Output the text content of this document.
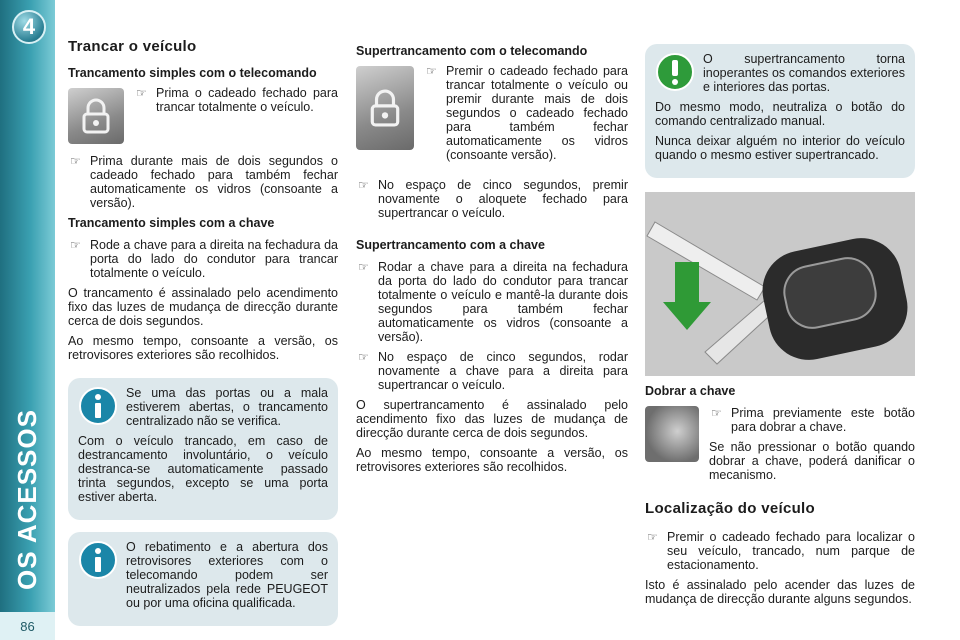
4
OS ACESSOS
86
Trancar o veículo
Trancamento simples com o telecomando
☞ Prima o cadeado fechado para trancar totalmente o veículo.
☞ Prima durante mais de dois segundos o cadeado fechado para também fechar automaticamente os vidros (consoante a versão).
Trancamento simples com a chave
☞ Rode a chave para a direita na fechadura da porta do lado do condutor para trancar totalmente o veículo.

O trancamento é assinalado pelo acendimento fixo das luzes de mudança de direcção durante cerca de dois segundos.

Ao mesmo tempo, consoante a versão, os retrovisores exteriores são recolhidos.

Se uma das portas ou a mala estiverem abertas, o trancamento centralizado não se verifica.

Com o veículo trancado, em caso de destrancamento involuntário, o veículo destranca-se automaticamente passado trinta segundos, excepto se uma porta estiver aberta.

O rebatimento e a abertura dos retrovisores exteriores com o telecomando podem ser neutralizados pela rede PEUGEOT ou por uma oficina qualificada.

Supertrancamento com o telecomando
☞ Premir o cadeado fechado para trancar totalmente o veículo ou premir durante mais de dois segundos o cadeado fechado para também fechar automaticamente os vidros (consoante versão).
☞ No espaço de cinco segundos, premir novamente o aloquete fechado para supertrancar o veículo.
Supertrancamento com a chave
☞ Rodar a chave para a direita na fechadura da porta do lado do condutor para trancar totalmente o veículo e mantê-la durante dois segundos para também fechar automaticamente os vidros (consoante a versão).
☞ No espaço de cinco segundos, rodar novamente a chave para a direita para supertrancar o veículo.

O supertrancamento é assinalado pelo acendimento fixo das luzes de mudança de direcção durante cerca de dois segundos.

Ao mesmo tempo, consoante a versão, os retrovisores exteriores são recolhidos.

O supertrancamento torna inoperantes os comandos exteriores e interiores das portas.

Do mesmo modo, neutraliza o botão do comando centralizado manual.

Nunca deixar alguém no interior do veículo quando o mesmo estiver supertrancado.

Dobrar a chave
☞ Prima previamente este botão para dobrar a chave.

Se não pressionar o botão quando dobrar a chave, poderá danificar o mecanismo.

Localização do veículo
☞ Premir o cadeado fechado para localizar o seu veículo, trancado, num parque de estacionamento.

Isto é assinalado pelo acender das luzes de mudança de direcção durante alguns segundos.
